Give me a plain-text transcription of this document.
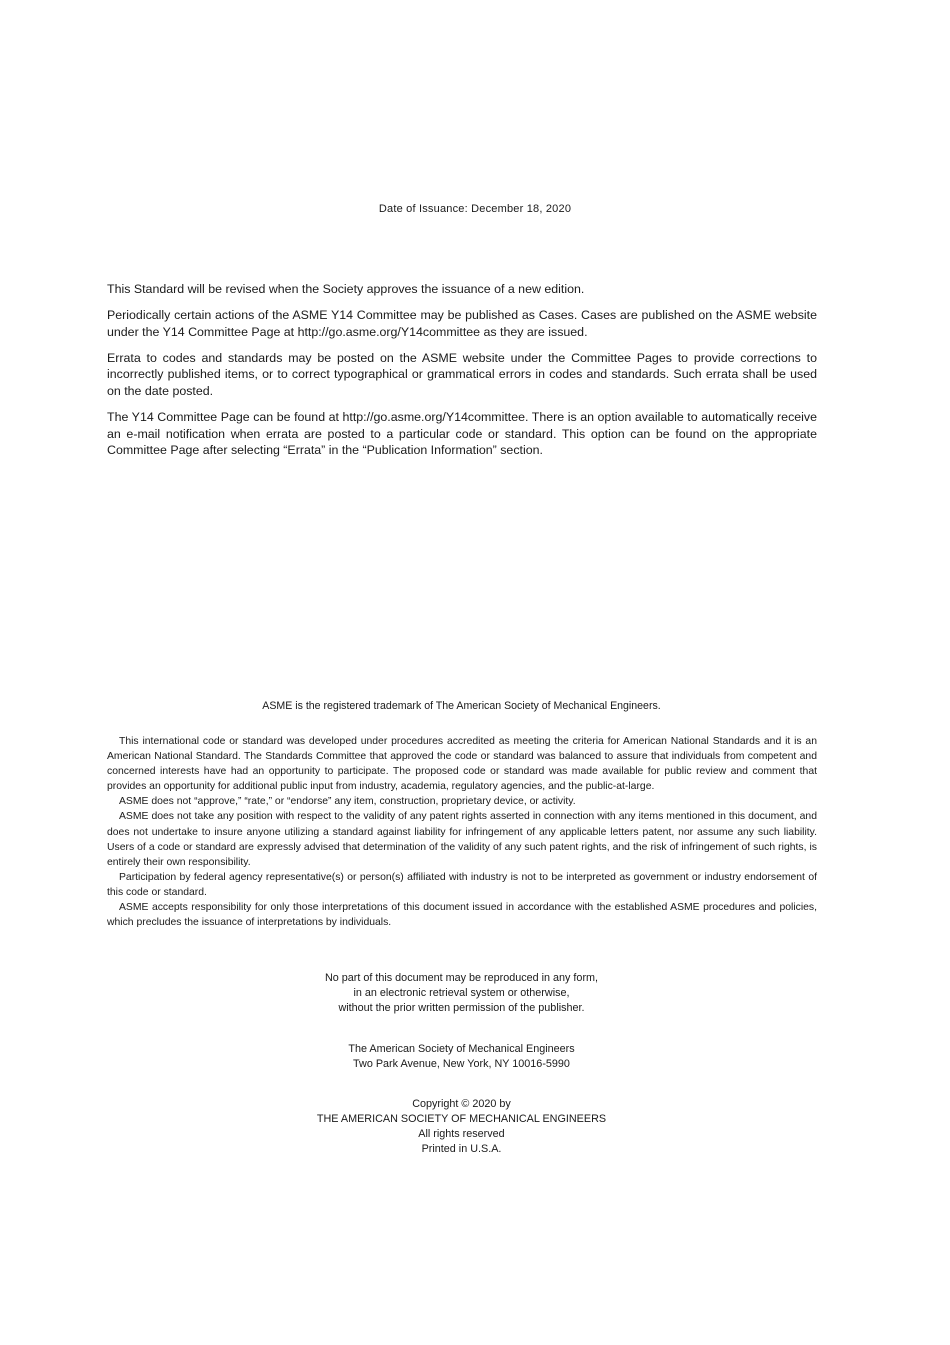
Date of Issuance: December 18, 2020

This Standard will be revised when the Society approves the issuance of a new edition.

Periodically certain actions of the ASME Y14 Committee may be published as Cases. Cases are published on the ASME website under the Y14 Committee Page at http://go.asme.org/Y14committee as they are issued.

Errata to codes and standards may be posted on the ASME website under the Committee Pages to provide corrections to incorrectly published items, or to correct typographical or grammatical errors in codes and standards. Such errata shall be used on the date posted.

The Y14 Committee Page can be found at http://go.asme.org/Y14committee. There is an option available to automatically receive an e-mail notification when errata are posted to a particular code or standard. This option can be found on the appropriate Committee Page after selecting “Errata” in the “Publication Information” section.

ASME is the registered trademark of The American Society of Mechanical Engineers.

This international code or standard was developed under procedures accredited as meeting the criteria for American National Standards and it is an American National Standard. The Standards Committee that approved the code or standard was balanced to assure that individuals from competent and concerned interests have had an opportunity to participate. The proposed code or standard was made available for public review and comment that provides an opportunity for additional public input from industry, academia, regulatory agencies, and the public-at-large.

ASME does not “approve,” “rate,” or “endorse” any item, construction, proprietary device, or activity.

ASME does not take any position with respect to the validity of any patent rights asserted in connection with any items mentioned in this document, and does not undertake to insure anyone utilizing a standard against liability for infringement of any applicable letters patent, nor assume any such liability. Users of a code or standard are expressly advised that determination of the validity of any such patent rights, and the risk of infringement of such rights, is entirely their own responsibility.

Participation by federal agency representative(s) or person(s) affiliated with industry is not to be interpreted as government or industry endorsement of this code or standard.

ASME accepts responsibility for only those interpretations of this document issued in accordance with the established ASME procedures and policies, which precludes the issuance of interpretations by individuals.

No part of this document may be reproduced in any form,
in an electronic retrieval system or otherwise,
without the prior written permission of the publisher.
The American Society of Mechanical Engineers
Two Park Avenue, New York, NY 10016-5990
Copyright © 2020 by
THE AMERICAN SOCIETY OF MECHANICAL ENGINEERS
All rights reserved
Printed in U.S.A.
